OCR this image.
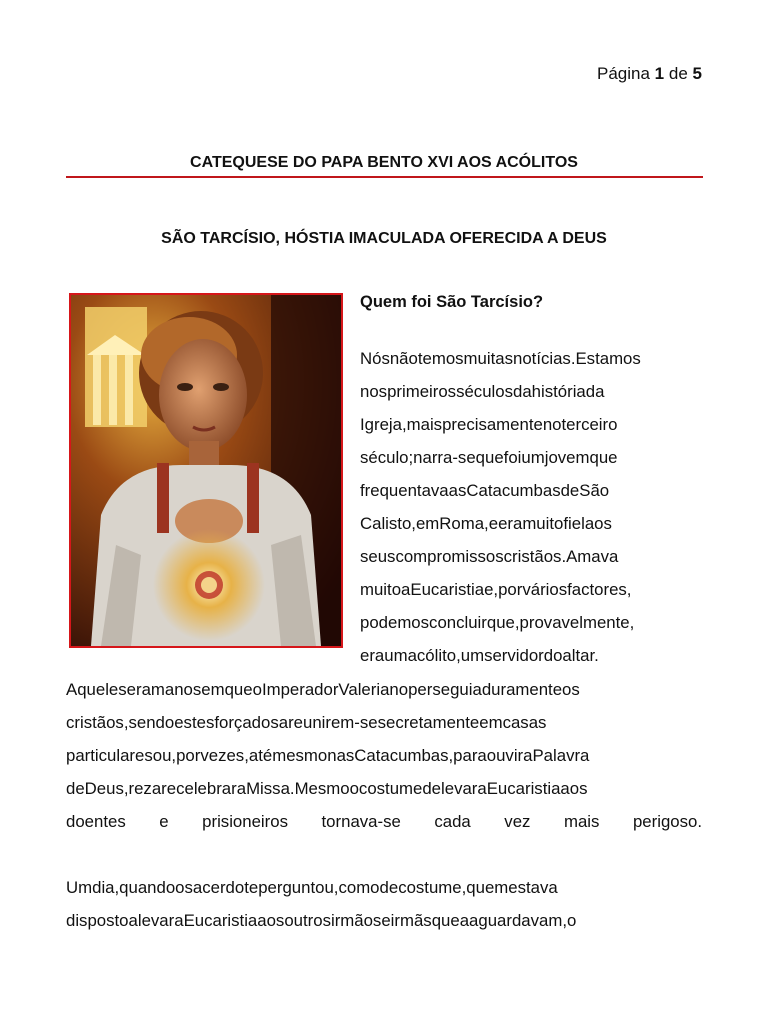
Página 1 de 5
CATEQUESE DO PAPA BENTO XVI AOS ACÓLITOS
SÃO TARCÍSIO, HÓSTIA IMACULADA OFERECIDA A DEUS
Quem foi São Tarcísio?
Nósnãotemosmuitasnotícias.Estamos
nosprimeirosséculosdahistóriada
Igreja,maisprecisamentenoterceiro
século;narra-sequefoiumjovemque
frequentavaasCatacumbasdeSão
Calisto,emRoma,eeramuitofielaos
seuscompromissoscristãos.Amava
muitoaEucaristiae,porváriosfactores,
podemosconcluirque,provavelmente,
eraumacólito,umservidordoaltar.
AqueleseramanosemqueoImperadorValerianoperseguiaduramenteos
cristãos,sendoestesforçadosareunirem-sesecretamenteemcasas
particularesou,porvezes,atémesmonasCatacumbas,paraouviraPalavra
deDeus,rezarecelebraraMissa.MesmoocostumedelevaraEucaristiaaos
doentes e prisioneiros tornava-se cada vez mais perigoso.
Umdia,quandoosacerdoteperguntou,comodecostume,quemestava
dispostoalevaraEucaristiaaosoutrosirmãoseirmãsqueaaguardavam,o
